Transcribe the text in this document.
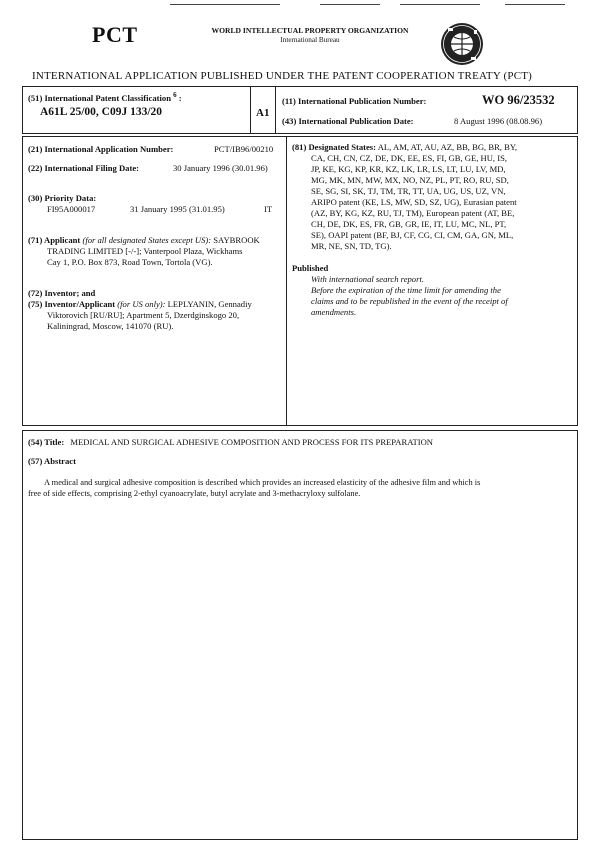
PCT	WORLD INTELLECTUAL PROPERTY ORGANIZATION
International Bureau
INTERNATIONAL APPLICATION PUBLISHED UNDER THE PATENT COOPERATION TREATY (PCT)
(51) International Patent Classification $^6$ :
A61L 25/00, C09J 133/20	A1
(11) International Publication Number:	WO 96/23532
(43) International Publication Date:	8 August 1996 (08.08.96)
(21) International Application Number:	PCT/IB96/00210
(22) International Filing Date:	30 January 1996 (30.01.96)
(30) Priority Data:
FI95A000017	31 January 1995 (31.01.95)	IT
(71) Applicant (for all designated States except US): SAYBROOK
TRADING LIMITED [-/-]; Vanterpool Plaza, Wickhams
Cay 1, P.O. Box 873, Road Town, Tortola (VG).
(72) Inventor; and
(75) Inventor/Applicant (for US only): LEPLYANIN, Gennadiy
Viktorovich [RU/RU]; Apartment 5, Dzerdginskogo 20,
Kaliningrad, Moscow, 141070 (RU).
(81) Designated States: AL, AM, AT, AU, AZ, BB, BG, BR, BY,
CA, CH, CN, CZ, DE, DK, EE, ES, FI, GB, GE, HU, IS,
JP, KE, KG, KP, KR, KZ, LK, LR, LS, LT, LU, LV, MD,
MG, MK, MN, MW, MX, NO, NZ, PL, PT, RO, RU, SD,
SE, SG, SI, SK, TJ, TM, TR, TT, UA, UG, US, UZ, VN,
ARIPO patent (KE, LS, MW, SD, SZ, UG), Eurasian patent
(AZ, BY, KG, KZ, RU, TJ, TM), European patent (AT, BE,
CH, DE, DK, ES, FR, GB, GR, IE, IT, LU, MC, NL, PT,
SE), OAPI patent (BF, BJ, CF, CG, CI, CM, GA, GN, ML,
MR, NE, SN, TD, TG).
Published
With international search report.
Before the expiration of the time limit for amending the
claims and to be republished in the event of the receipt of
amendments.
(54) Title: MEDICAL AND SURGICAL ADHESIVE COMPOSITION AND PROCESS FOR ITS PREPARATION
(57) Abstract
A medical and surgical adhesive composition is described which provides an increased elasticity of the adhesive film and which is
free of side effects, comprising 2-ethyl cyanoacrylate, butyl acrylate and 3-methacryloxy sulfolane.
